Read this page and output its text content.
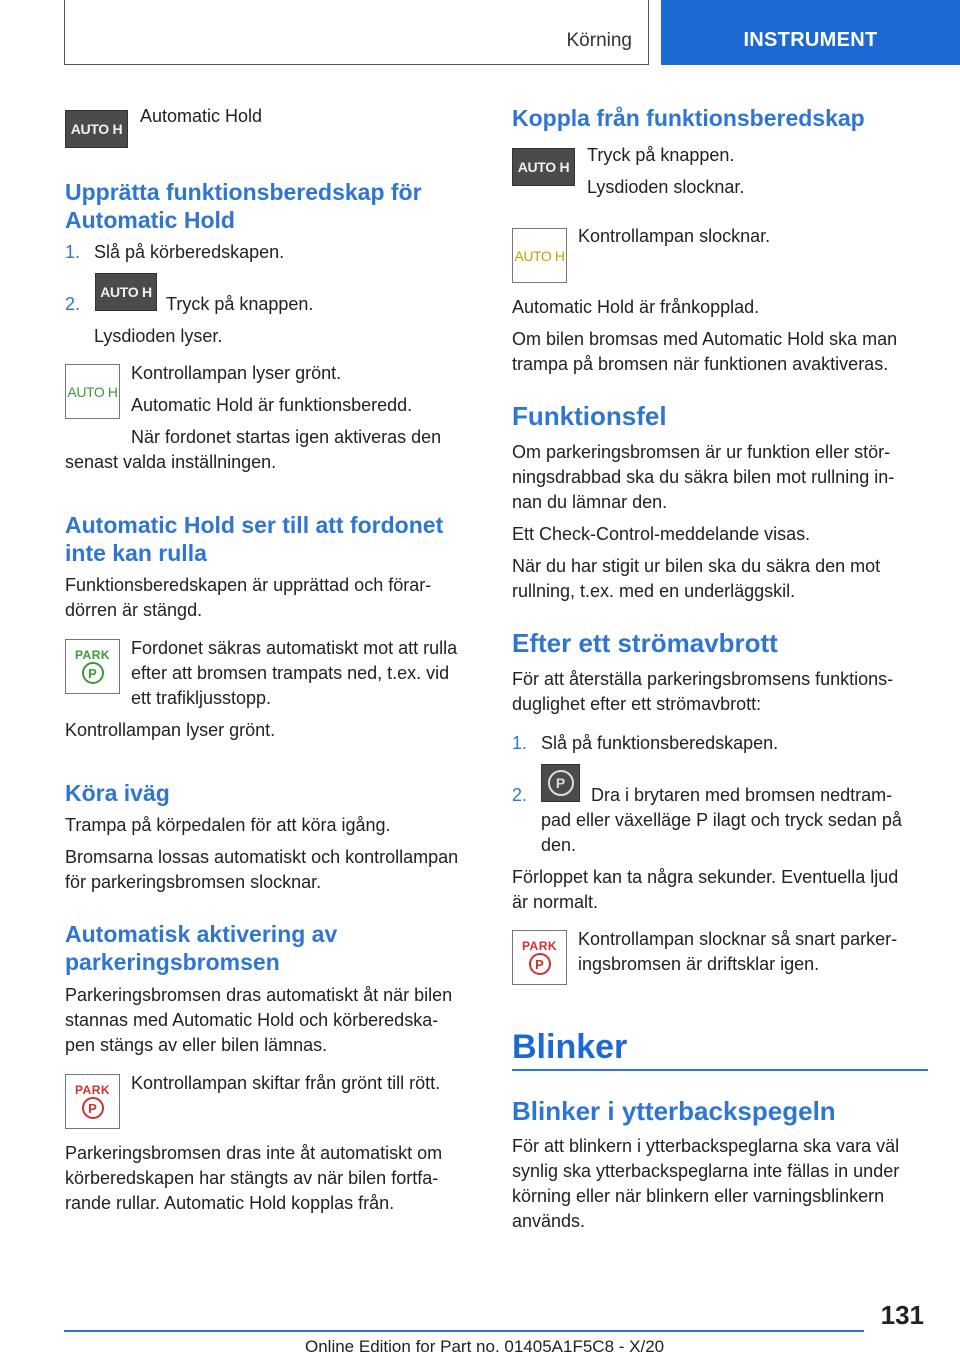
Körning	INSTRUMENT
AUTO H
Automatic Hold
Upprätta funktionsberedskap för
Automatic Hold
1. Slå på körberedskapen.
2.
AUTO H
Tryck på knappen.
Lysdioden lyser.
AUTO H
Kontrollampan lyser grönt.
Automatic Hold är funktionsberedd.
När fordonet startas igen aktiveras den
senast valda inställningen.
Automatic Hold ser till att fordonet
inte kan rulla
Funktionsberedskapen är upprättad och förar-
dörren är stängd.
PARK
P
Fordonet säkras automatiskt mot att rulla
efter att bromsen trampats ned, t.ex. vid
ett trafikljusstopp.
Kontrollampan lyser grönt.
Köra iväg
Trampa på körpedalen för att köra igång.
Bromsarna lossas automatiskt och kontrollampan
för parkeringsbromsen slocknar.
Automatisk aktivering av
parkeringsbromsen
Parkeringsbromsen dras automatiskt åt när bilen
stannas med Automatic Hold och körberedska-
pen stängs av eller bilen lämnas.
PARK
P
Kontrollampan skiftar från grönt till rött.
Parkeringsbromsen dras inte åt automatiskt om
körberedskapen har stängts av när bilen fortfa-
rande rullar. Automatic Hold kopplas från.
Koppla från funktionsberedskap
AUTO H
Tryck på knappen.
Lysdioden slocknar.
AUTO H
Kontrollampan slocknar.
Automatic Hold är frånkopplad.
Om bilen bromsas med Automatic Hold ska man
trampa på bromsen när funktionen avaktiveras.
Funktionsfel
Om parkeringsbromsen är ur funktion eller stör-
ningsdrabbad ska du säkra bilen mot rullning in-
nan du lämnar den.
Ett Check-Control-meddelande visas.
När du har stigit ur bilen ska du säkra den mot
rullning, t.ex. med en underläggskil.
Efter ett strömavbrott
För att återställa parkeringsbromsens funktions-
duglighet efter ett strömavbrott:
1. Slå på funktionsberedskapen.
2.
P
Dra i brytaren med bromsen nedtram-
pad eller växelläge P ilagt och tryck sedan på
den.
Förloppet kan ta några sekunder. Eventuella ljud
är normalt.
PARK
P
Kontrollampan slocknar så snart parker-
ingsbromsen är driftsklar igen.
Blinker
Blinker i ytterbackspegeln
För att blinkern i ytterbackspeglarna ska vara väl
synlig ska ytterbackspeglarna inte fällas in under
körning eller när blinkern eller varningsblinkern
används.
131
Online Edition for Part no. 01405A1F5C8 - X/20
